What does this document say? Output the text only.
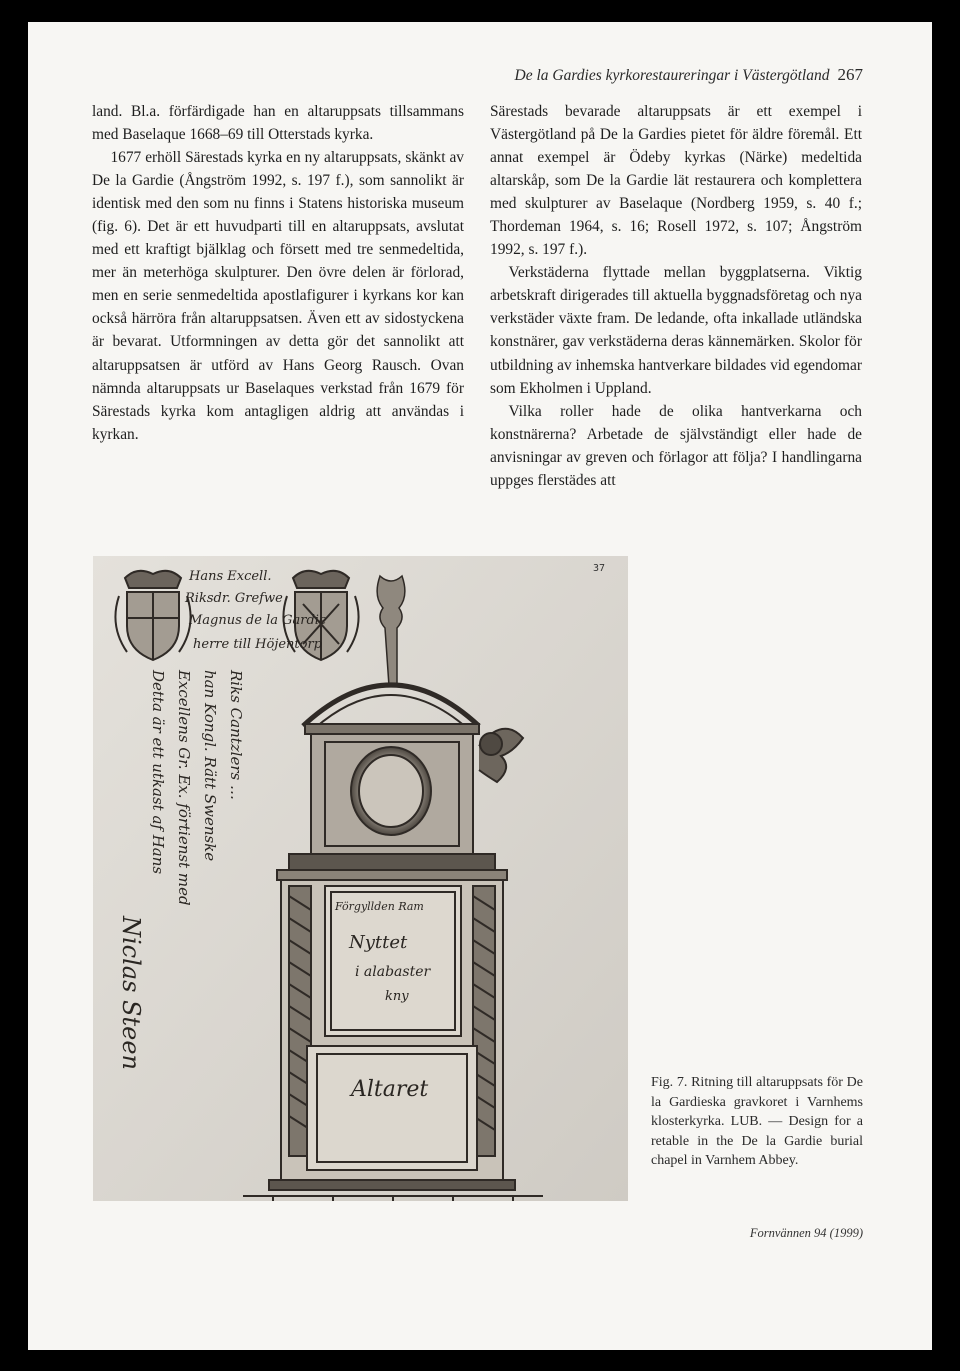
De la Gardies kyrkorestaureringar i Västergötland 267

land. Bl.a. förfärdigade han en altaruppsats tillsammans med Baselaque 1668–69 till Otterstads kyrka.

1677 erhöll Särestads kyrka en ny altaruppsats, skänkt av De la Gardie (Ångström 1992, s. 197 f.), som sannolikt är identisk med den som nu finns i Statens historiska museum (fig. 6). Det är ett huvudparti till en altaruppsats, avslutat med ett kraftigt bjälklag och försett med tre senmedeltida, mer än meterhöga skulpturer. Den övre delen är förlorad, men en serie senmedeltida apostlafigurer i kyrkans kor kan också härröra från altaruppsatsen. Även ett av sidostyckena är bevarat. Utformningen av detta gör det sannolikt att altaruppsatsen är utförd av Hans Georg Rausch. Ovan nämnda altaruppsats ur Baselaques verkstad från 1679 för Särestads kyrka kom antagligen aldrig att användas i kyrkan.

Särestads bevarade altaruppsats är ett exempel i Västergötland på De la Gardies pietet för äldre föremål. Ett annat exempel är Ödeby kyrkas (Närke) medeltida altarskåp, som De la Gardie lät restaurera och komplettera med skulpturer av Baselaque (Nordberg 1959, s. 40 f.; Thordeman 1964, s. 16; Rosell 1972, s. 107; Ångström 1992, s. 197 f.).

Verkstäderna flyttade mellan byggplatserna. Viktig arbetskraft dirigerades till aktuella byggnadsföretag och nya verkstäder växte fram. De ledande, ofta inkallade utländska konstnärer, gav verkstäderna deras kännemärken. Skolor för utbildning av inhemska hantverkare bildades vid egendomar som Ekholmen i Uppland.

Vilka roller hade de olika hantverkarna och konstnärerna? Arbetade de självständigt eller hade de anvisningar av greven och förlagor att följa? I handlingarna uppges flerstädes att

37
Hans Excell.
Riksdr. Grefwe
Magnus de la Gardie
herre till Höjentorp
Förgyllden Ram
Nyttet
i alabaster
kny
Altaret
Detta är ett utkast af Hans Excellens Gr. Ex. förtienst med han Kongl. Rätt Swenske Riks Cantzlers …
Niclas Steen
Fig. 7. Ritning till altaruppsats för De la Gardieska gravkoret i Varnhems klosterkyrka. LUB. — Design for a retable in the De la Gardie burial chapel in Varnhem Abbey.
Fornvännen 94 (1999)
